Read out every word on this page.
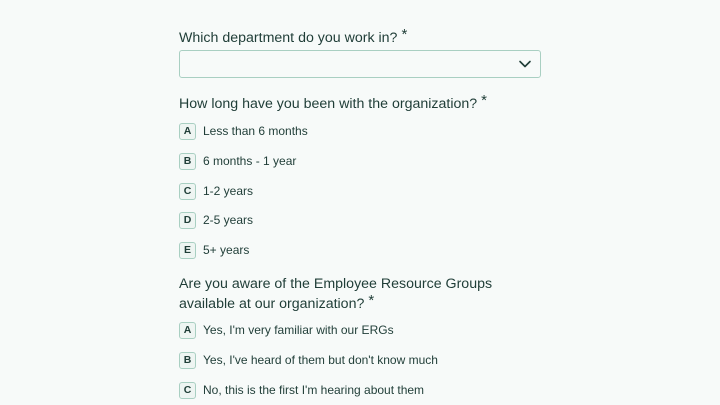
Which department do you work in? *
How long have you been with the organization? *
A Less than 6 months
B 6 months - 1 year
C 1-2 years
D 2-5 years
E	5+ years
Are you aware of the Employee Resource Groups available at our organization? *
A Yes, I'm very familiar with our ERGs
B Yes, I've heard of them but don't know much
C No, this is the first I'm hearing about them
